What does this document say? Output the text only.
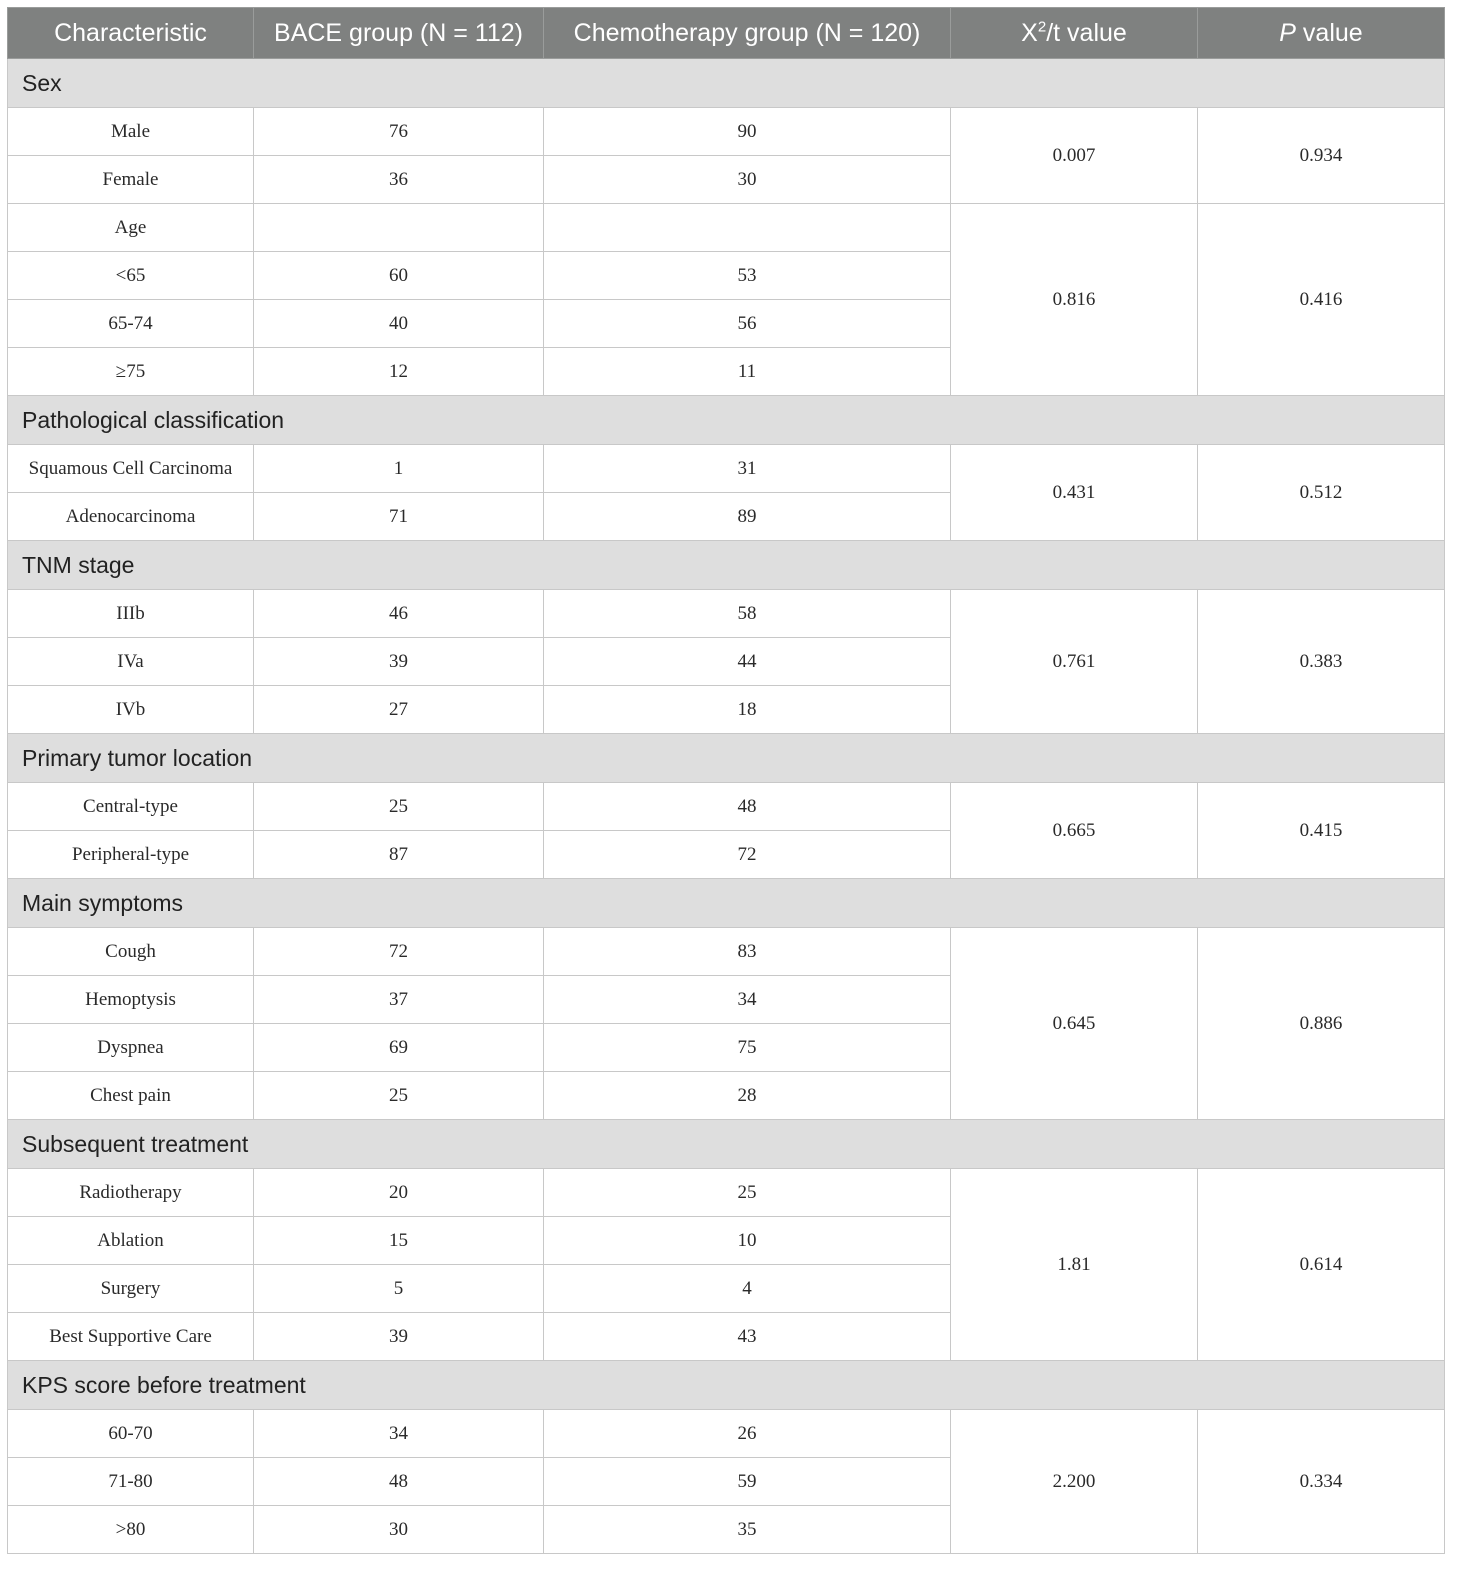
Characteristic	BACE group (N = 112)	Chemotherapy group (N = 120)	$X^2/t$ value	P value
Sex				
Male	76	90	0.007	0.934
Female	36	30		
Age			0.816	0.416
<65	60	53		
65-74	40	56		
≥75	12	11		
Pathological classification				
Squamous Cell Carcinoma	1	31	0.431	0.512
Adenocarcinoma	71	89		
TNM stage				
IIIb	46	58	0.761	0.383
IVa	39	44		
IVb	27	18		
Primary tumor location				
Central-type	25	48	0.665	0.415
Peripheral-type	87	72		
Main symptoms				
Cough	72	83	0.645	0.886
Hemoptysis	37	34		
Dyspnea	69	75		
Chest pain	25	28		
Subsequent treatment				
Radiotherapy	20	25	1.81	0.614
Ablation	15	10		
Surgery	5	4		
Best Supportive Care	39	43		
KPS score before treatment				
60-70	34	26	2.200	0.334
71-80	48	59		
>80	30	35		
